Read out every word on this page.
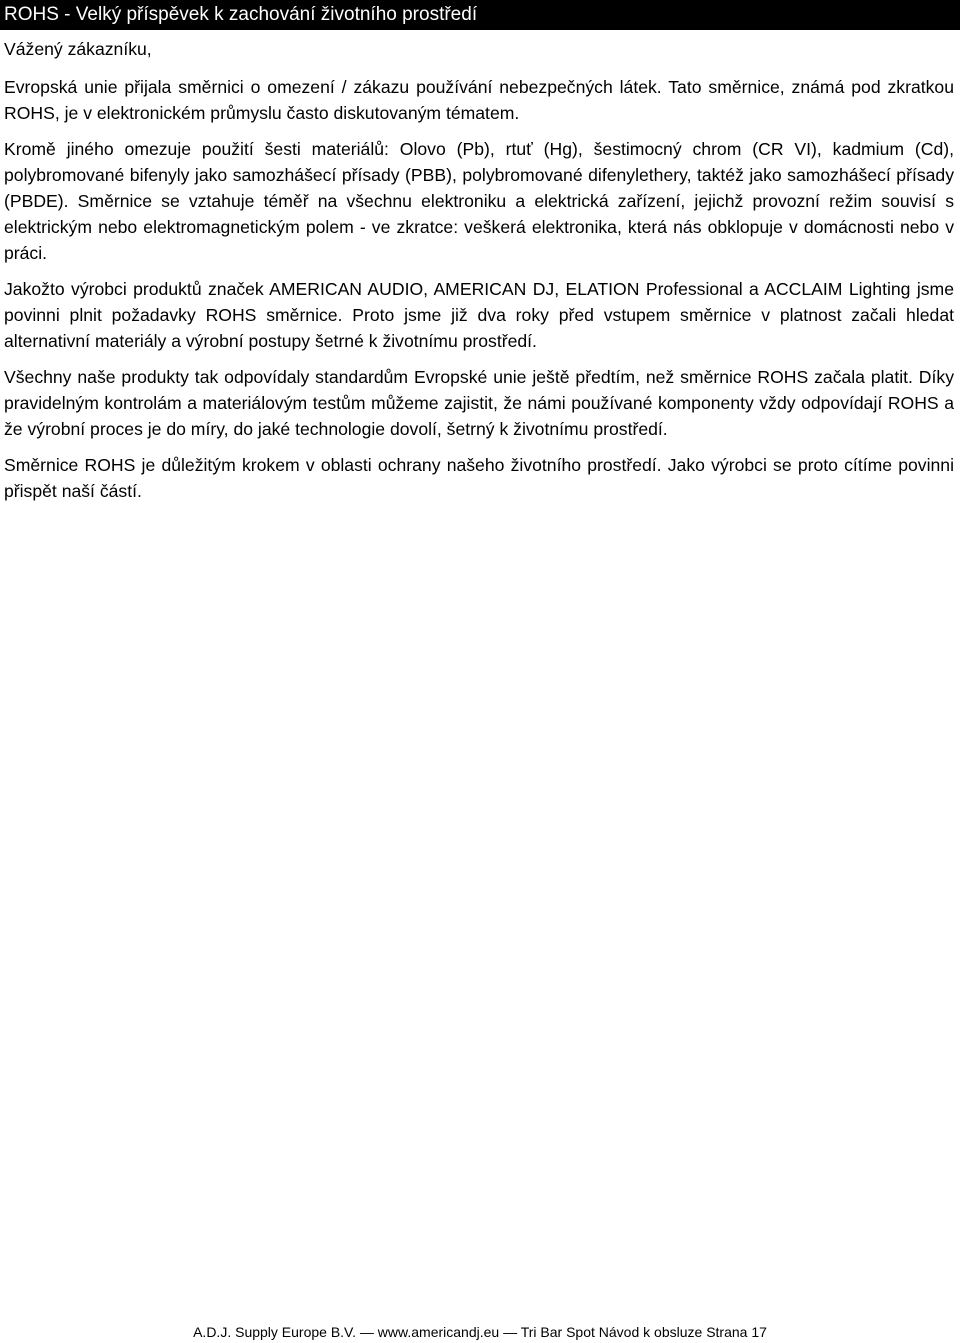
ROHS - Velký příspěvek k zachování životního prostředí

Vážený zákazníku,

Evropská unie přijala směrnici o omezení / zákazu používání nebezpečných látek. Tato směrnice, známá pod zkratkou ROHS, je v elektronickém průmyslu často diskutovaným tématem.

Kromě jiného omezuje použití šesti materiálů: Olovo (Pb), rtuť (Hg), šestimocný chrom (CR VI), kadmium (Cd), polybromované bifenyly jako samozhášecí přísady (PBB), polybromované difenylethery, taktéž jako samozhášecí přísady (PBDE). Směrnice se vztahuje téměř na všechnu elektroniku a elektrická zařízení, jejichž provozní režim souvisí s elektrickým nebo elektromagnetickým polem - ve zkratce: veškerá elektronika, která nás obklopuje v domácnosti nebo v práci.

Jakožto výrobci produktů značek AMERICAN AUDIO, AMERICAN DJ, ELATION Professional a ACCLAIM Lighting jsme povinni plnit požadavky ROHS směrnice. Proto jsme již dva roky před vstupem směrnice v platnost začali hledat alternativní materiály a výrobní postupy šetrné k životnímu prostředí.

Všechny naše produkty tak odpovídaly standardům Evropské unie ještě předtím, než směrnice ROHS začala platit. Díky pravidelným kontrolám a materiálovým testům můžeme zajistit, že námi používané komponenty vždy odpovídají ROHS a že výrobní proces je do míry, do jaké technologie dovolí, šetrný k životnímu prostředí.

Směrnice ROHS je důležitým krokem v oblasti ochrany našeho životního prostředí. Jako výrobci se proto cítíme povinni přispět naší částí.

A.D.J. Supply Europe B.V. — www.americandj.eu — Tri Bar Spot Návod k obsluze Strana 17
